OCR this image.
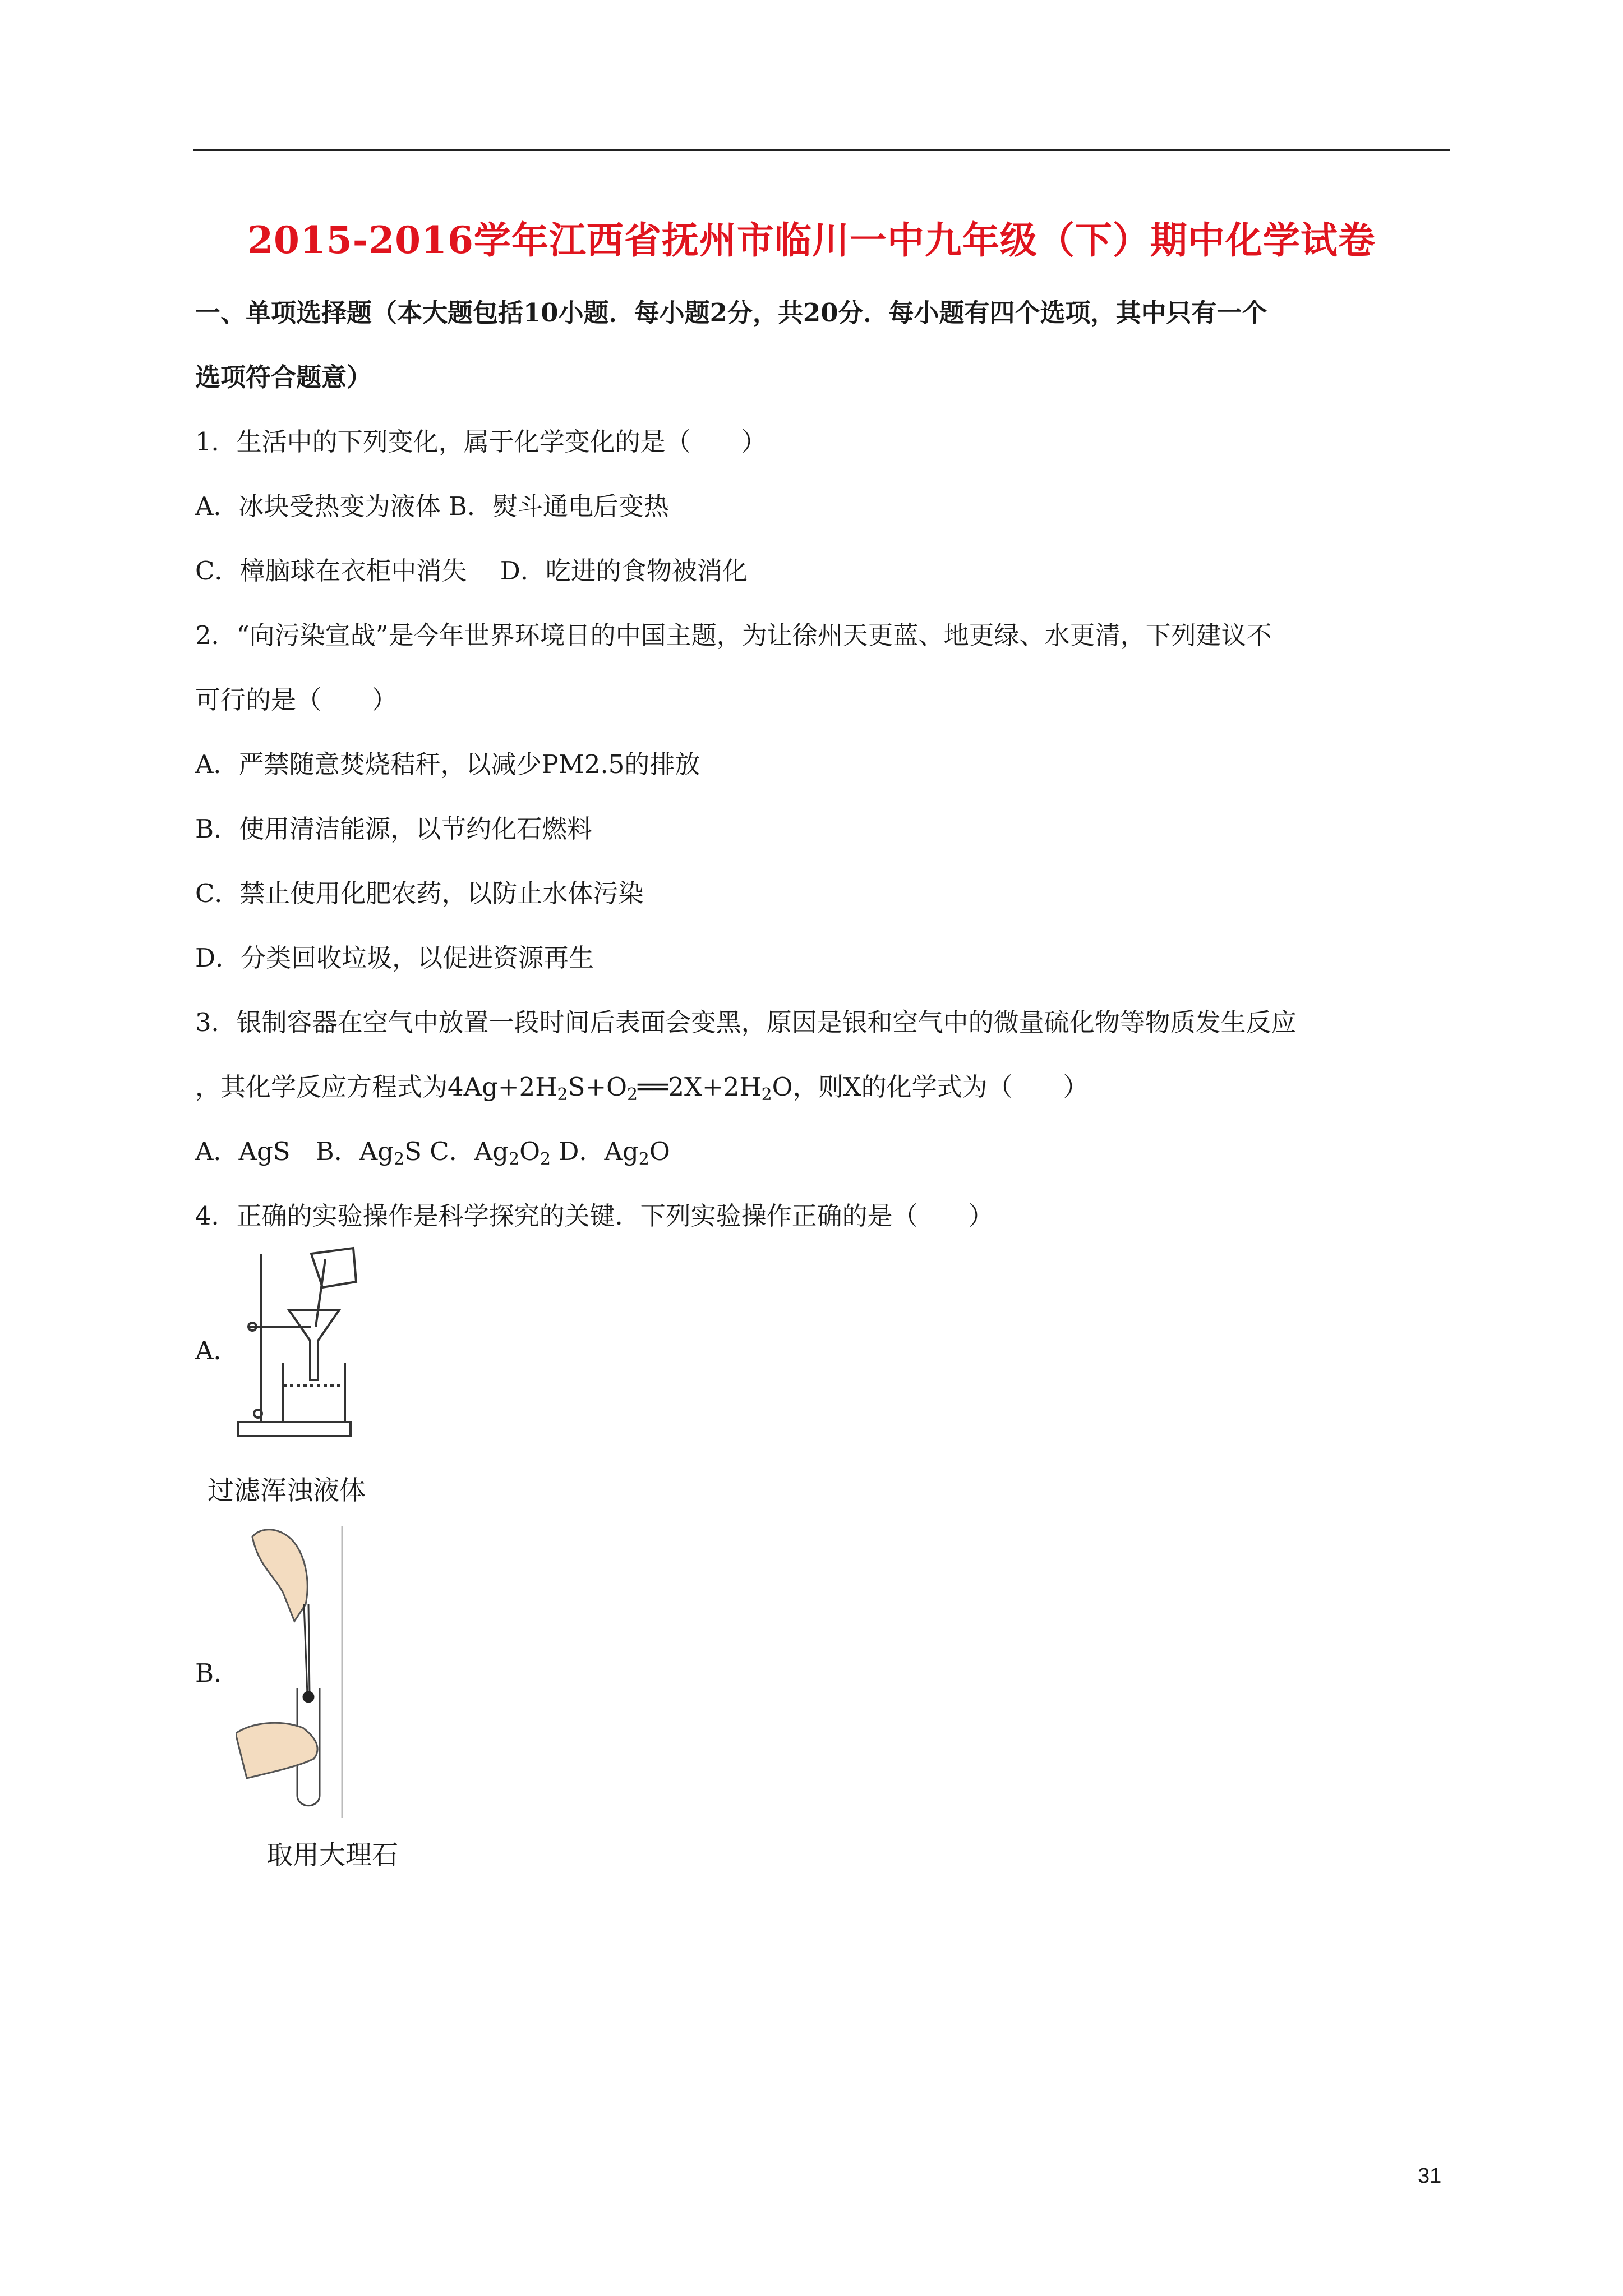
2015-2016学年江西省抚州市临川一中九年级（下）期中化学试卷
一、单项选择题（本大题包括10小题．每小题2分，共20分．每小题有四个选项，其中只有一个
选项符合题意）
1．生活中的下列变化，属于化学变化的是（　　）
A．冰块受热变为液体 B．熨斗通电后变热
C．樟脑球在衣柜中消失　 D．吃进的食物被消化
2．“向污染宣战”是今年世界环境日的中国主题，为让徐州天更蓝、地更绿、水更清，下列建议不
可行的是（　　）
A．严禁随意焚烧秸秆，以减少PM2.5的排放
B．使用清洁能源，以节约化石燃料
C．禁止使用化肥农药，以防止水体污染
D．分类回收垃圾，以促进资源再生
3．银制容器在空气中放置一段时间后表面会变黑，原因是银和空气中的微量硫化物等物质发生反应
，其化学反应方程式为$4Ag+2H_2S+O_2══2X+2H_2O$，则X的化学式为（　　）
A．AgS　B．$Ag_2S$ C．$Ag_2O_2$ D．$Ag_2O$
4．正确的实验操作是科学探究的关键．下列实验操作正确的是（　　）
A．
过滤浑浊液体
B．
取用大理石
31
